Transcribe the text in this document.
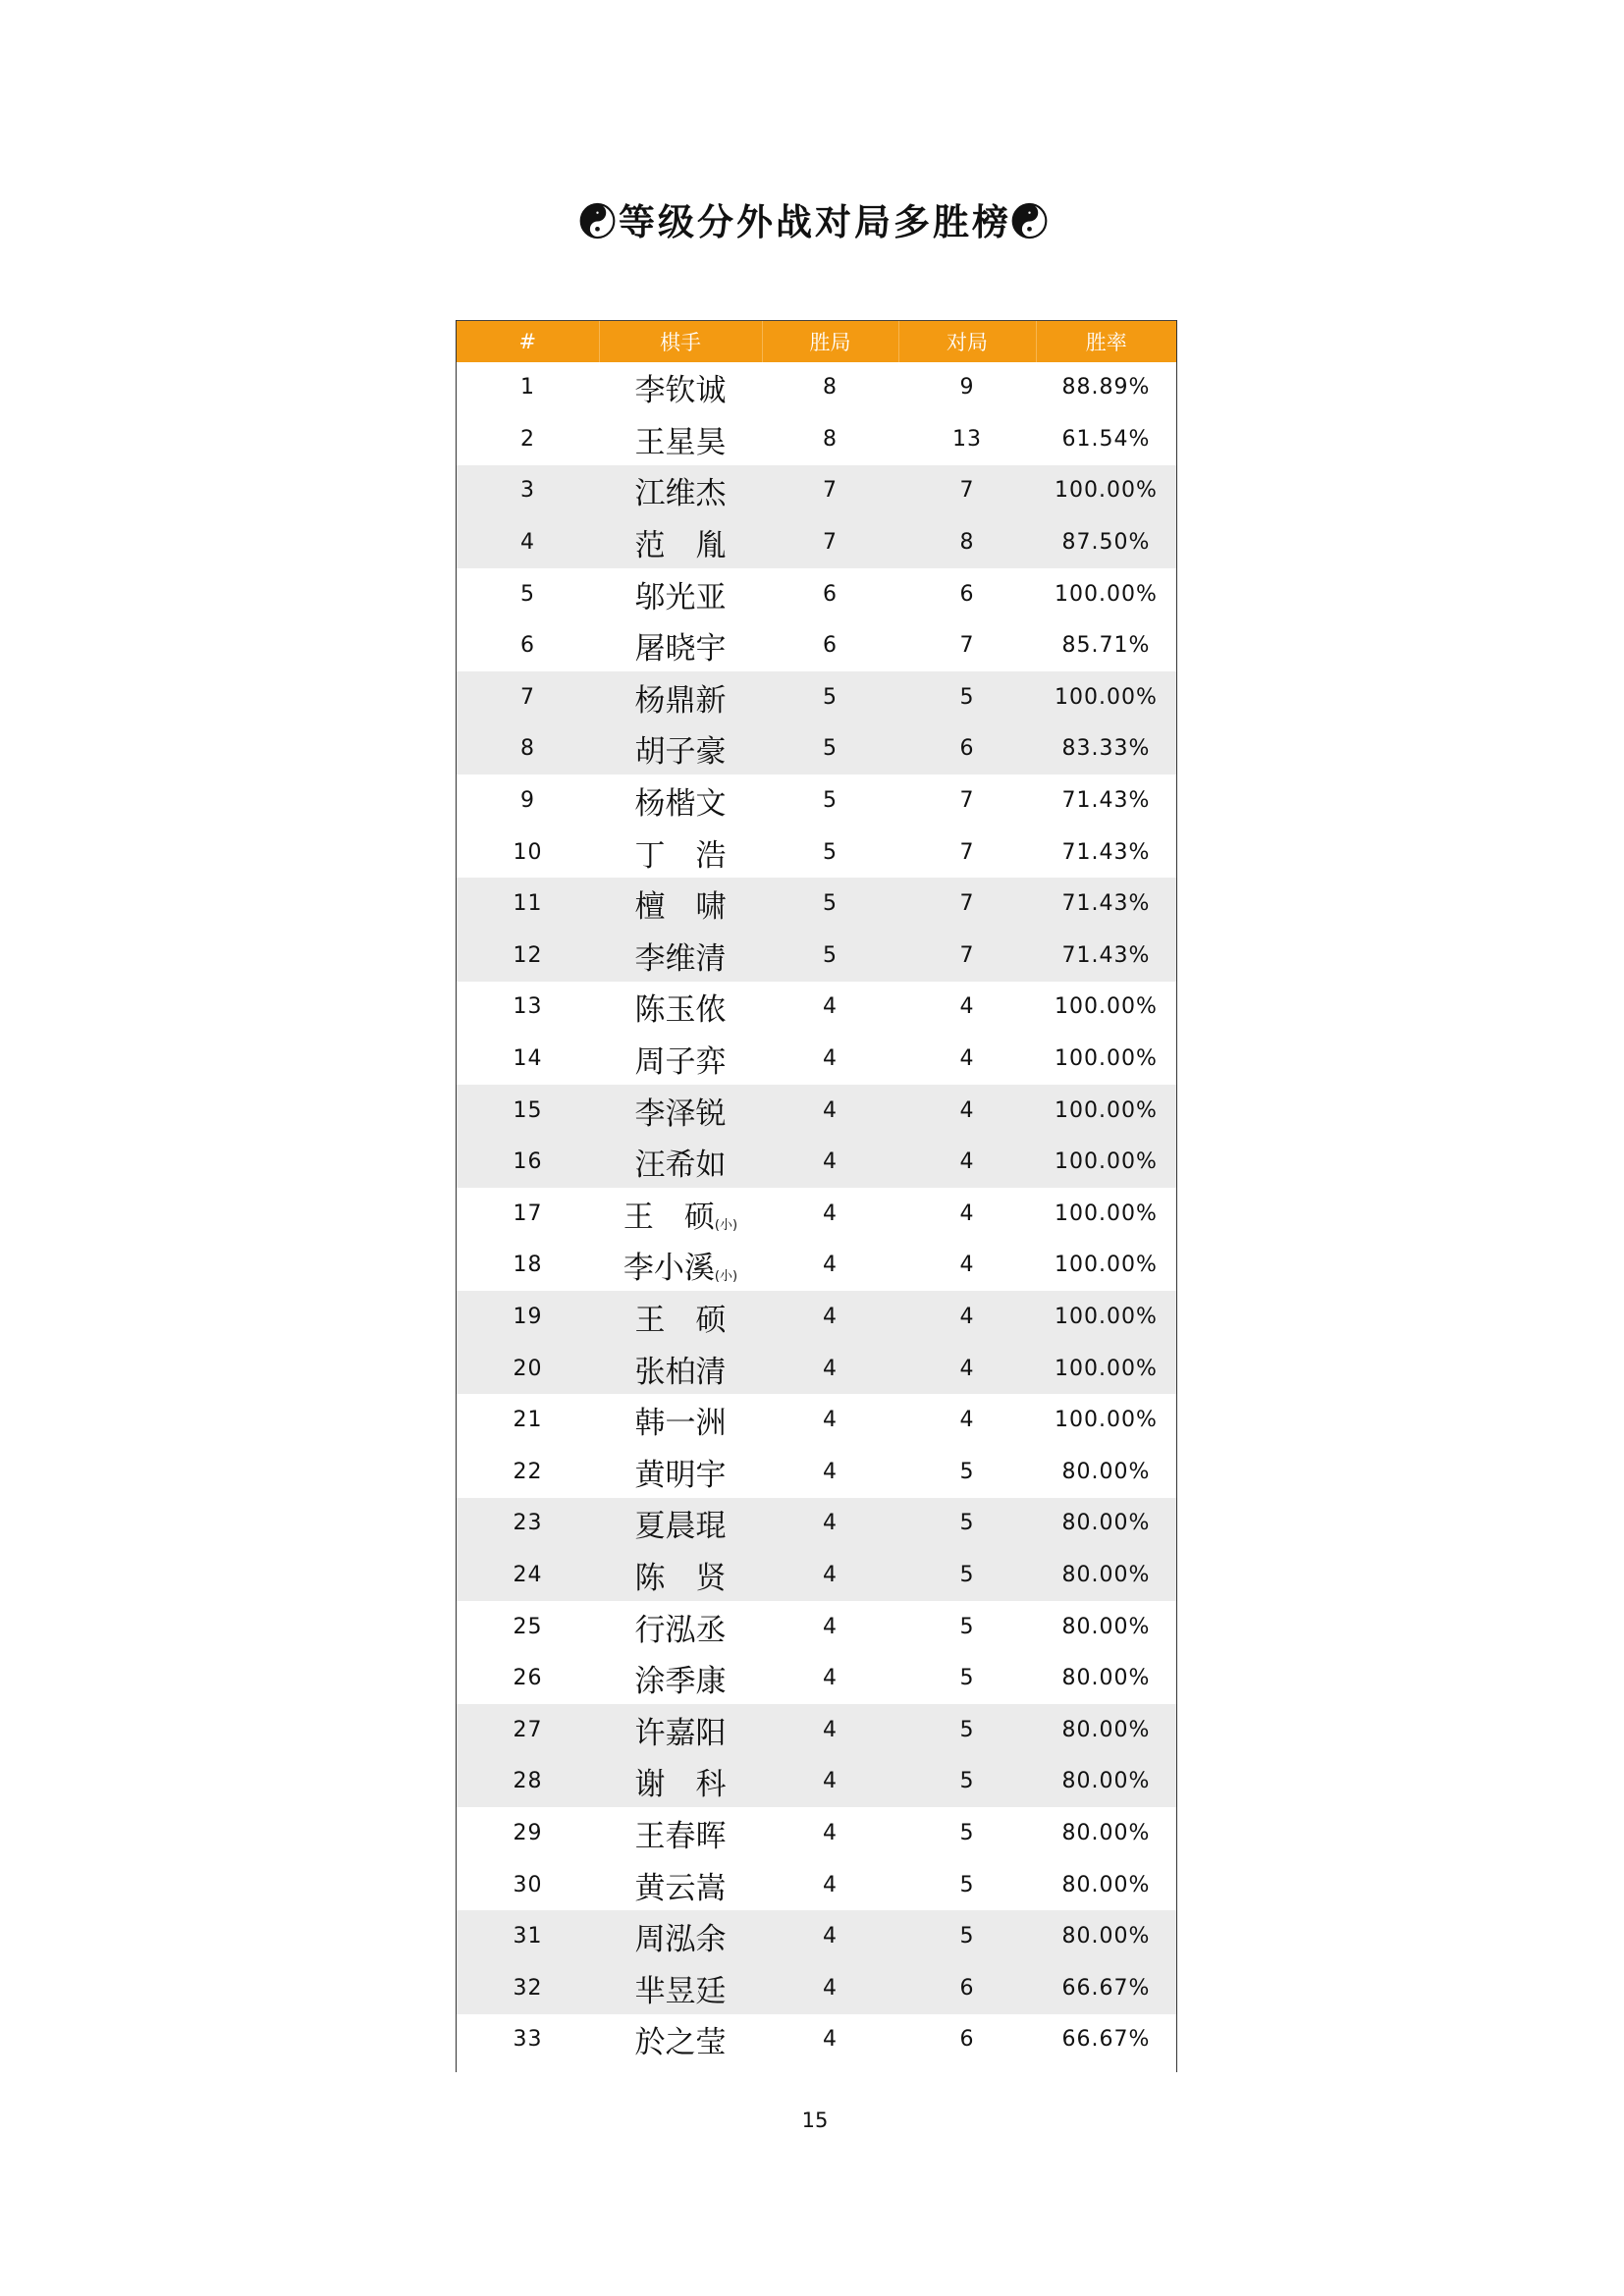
☯等级分外战对局多胜榜☯
#	棋手	胜局	对局	胜率
1	李钦诚	8	9	88.89%
2	王星昊	8	13	61.54%
3	江维杰	7	7	100.00%
4	范　胤	7	8	87.50%
5	邬光亚	6	6	100.00%
6	屠晓宇	6	7	85.71%
7	杨鼎新	5	5	100.00%
8	胡子豪	5	6	83.33%
9	杨楷文	5	7	71.43%
10	丁　浩	5	7	71.43%
11	檀　啸	5	7	71.43%
12	李维清	5	7	71.43%
13	陈玉侬	4	4	100.00%
14	周子弈	4	4	100.00%
15	李泽锐	4	4	100.00%
16	汪希如	4	4	100.00%
17	王　硕(小)	4	4	100.00%
18	李小溪(小)	4	4	100.00%
19	王　硕	4	4	100.00%
20	张柏清	4	4	100.00%
21	韩一洲	4	4	100.00%
22	黄明宇	4	5	80.00%
23	夏晨琨	4	5	80.00%
24	陈　贤	4	5	80.00%
25	行泓丞	4	5	80.00%
26	涂季康	4	5	80.00%
27	许嘉阳	4	5	80.00%
28	谢　科	4	5	80.00%
29	王春晖	4	5	80.00%
30	黄云嵩	4	5	80.00%
31	周泓余	4	5	80.00%
32	芈昱廷	4	6	66.67%
33	於之莹	4	6	66.67%
15
